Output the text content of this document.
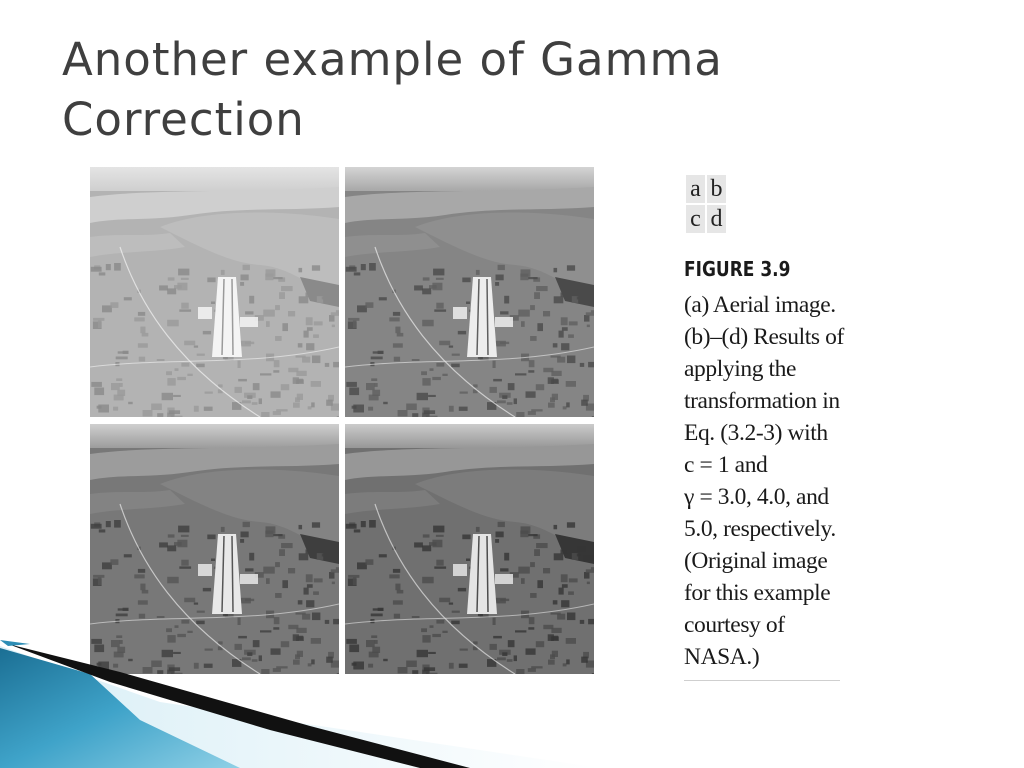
Another example of Gamma Correction
a	b
c	d
FIGURE 3.9
(a) Aerial image.
(b)–(d) Results of
applying the
transformation in
Eq. (3.2-3) with
c = 1 and
γ = 3.0, 4.0, and
5.0, respectively.
(Original image
for this example
courtesy of
NASA.)
